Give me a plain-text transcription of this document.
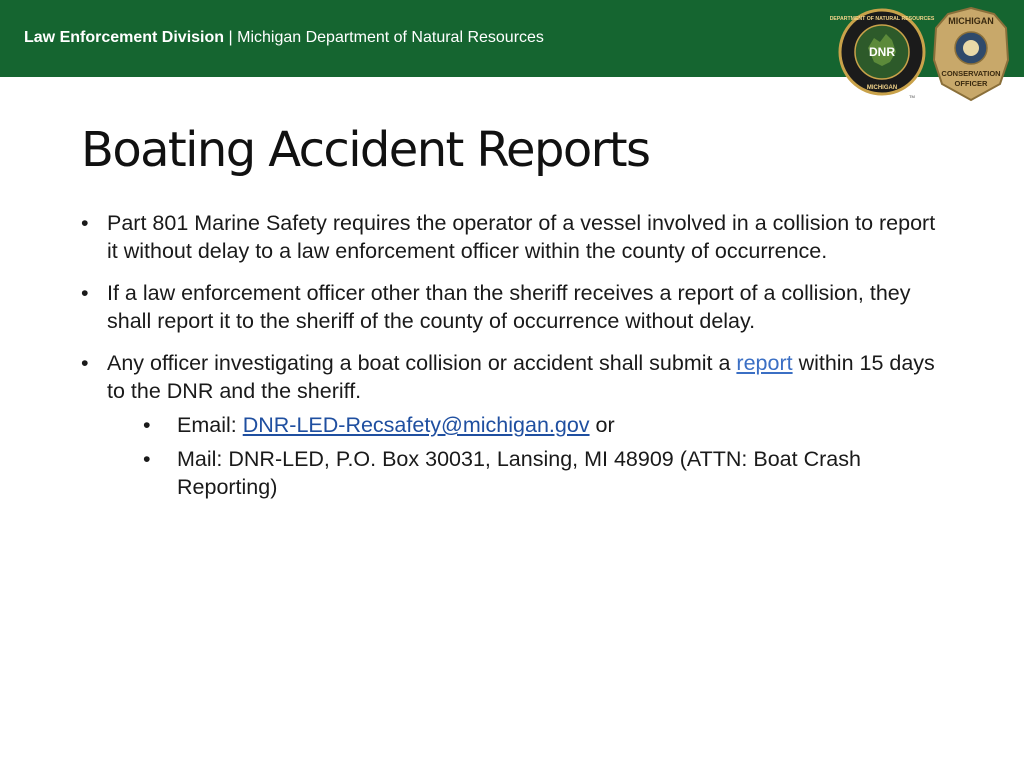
Law Enforcement Division | Michigan Department of Natural Resources
DNR
DEPARTMENT OF NATURAL RESOURCES
MICHIGAN
TM
MICHIGAN
CONSERVATION
OFFICER
Boating Accident Reports
• Part 801 Marine Safety requires the operator of a vessel involved in a collision to report it without delay to a law enforcement officer within the county of occurrence.
• If a law enforcement officer other than the sheriff receives a report of a collision, they shall report it to the sheriff of the county of occurrence without delay.
• Any officer investigating a boat collision or accident shall submit a report within 15 days to the DNR and the sheriff.
• Email: DNR-LED-Recsafety@michigan.gov or
• Mail: DNR-LED, P.O. Box 30031, Lansing, MI 48909 (ATTN: Boat Crash Reporting)
